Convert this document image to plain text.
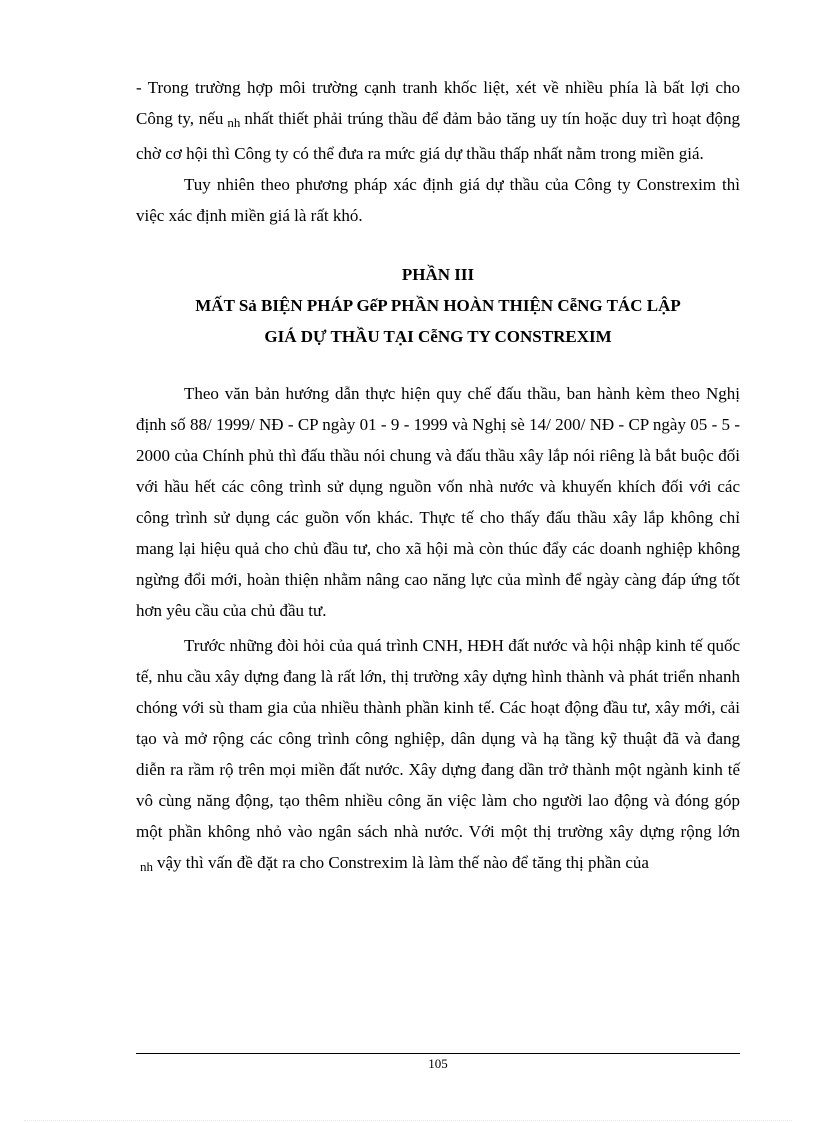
- Trong trường hợp môi trường cạnh tranh khốc liệt, xét về nhiều phía là bất lợi cho Công ty, nếu nh nhất thiết phải trúng thầu để đảm bảo tăng uy tín hoặc duy trì hoạt động chờ cơ hội thì Công ty có thể đưa ra mức giá dự thầu thấp nhất nằm trong miền giá.

Tuy nhiên theo phương pháp xác định giá dự thầu của Công ty Constrexim thì việc xác định miền giá là rất khó.

PHẦN III

MẤT Sả BIỆN PHÁP GếP PHẦN HOÀN THIỆN CễNG TÁC LẬP

GIÁ DỰ THẦU TẠI CễNG TY CONSTREXIM

Theo văn bản hướng dẫn thực hiện quy chế đấu thầu, ban hành kèm theo Nghị định số 88/ 1999/ NĐ - CP ngày 01 - 9 - 1999 và Nghị sè 14/ 200/ NĐ - CP ngày 05 - 5 - 2000 của Chính phủ thì đấu thầu nói chung và đấu thầu xây lắp nói riêng là bắt buộc đối với hầu hết các công trình sử dụng nguồn vốn nhà nước và khuyến khích đối với các công trình sử dụng các guồn vốn khác. Thực tế cho thấy đấu thầu xây lắp không chỉ mang lại hiệu quả cho chủ đầu tư, cho xã hội mà còn thúc đẩy các doanh nghiệp không ngừng đổi mới, hoàn thiện nhằm nâng cao năng lực của mình để ngày càng đáp ứng tốt hơn yêu cầu của chủ đầu tư.

Trước những đòi hỏi của quá trình CNH, HĐH đất nước và hội nhập kinh tế quốc tế, nhu cầu xây dựng đang là rất lớn, thị trường xây dựng hình thành và phát triển nhanh chóng với sù tham gia của nhiều thành phần kinh tế. Các hoạt động đầu tư, xây mới, cải tạo và mở rộng các công trình công nghiệp, dân dụng và hạ tầng kỹ thuật đã và đang diễn ra rầm rộ trên mọi miền đất nước. Xây dựng đang dần trở thành một ngành kinh tế vô cùng năng động, tạo thêm nhiều công ăn việc làm cho người lao động và đóng góp một phần không nhỏ vào ngân sách nhà nước. Với một thị trường xây dựng rộng lớn nh vậy thì vấn đề đặt ra cho Constrexim là làm thế nào để tăng thị phần của

105
